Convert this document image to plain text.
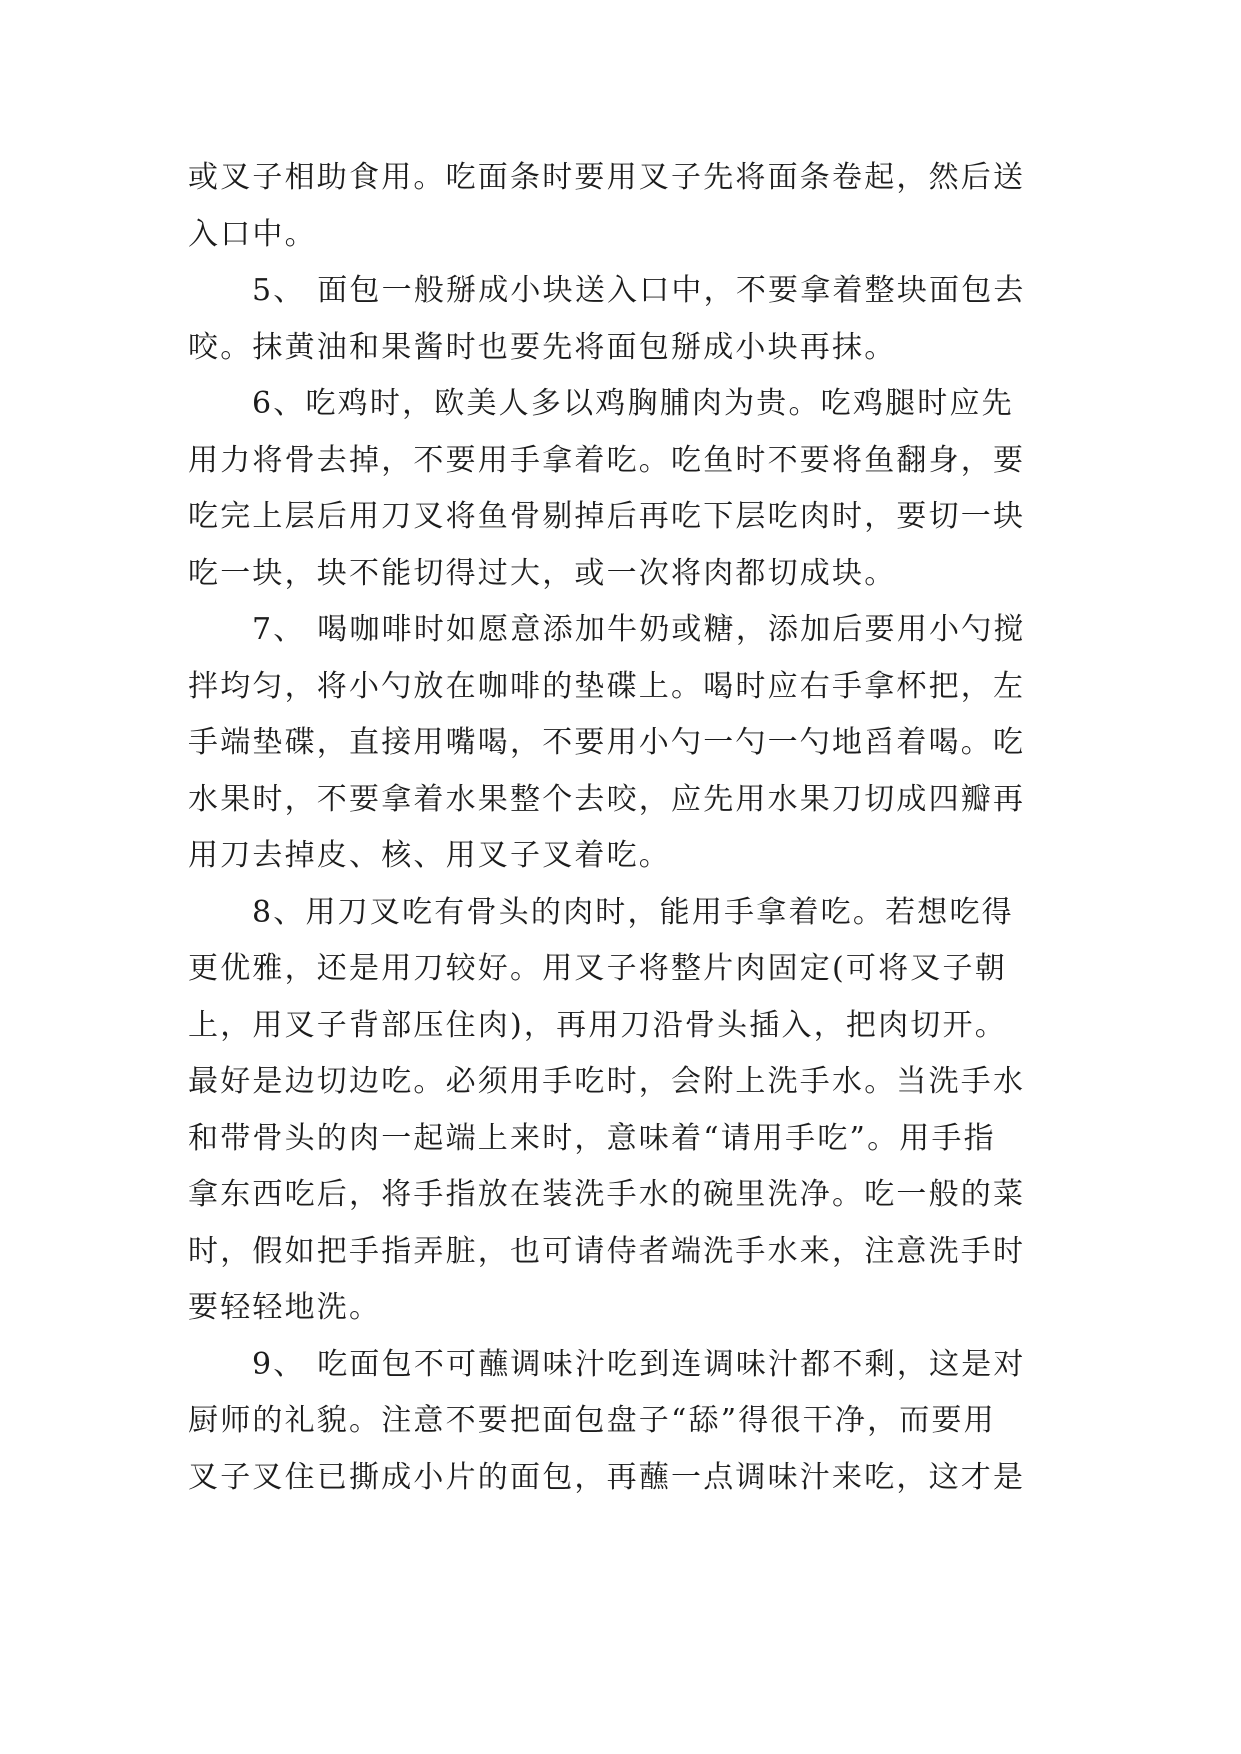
或叉子相助食用。吃面条时要用叉子先将面条卷起，然后送
入口中。
5、 面包一般掰成小块送入口中，不要拿着整块面包去
咬。抹黄油和果酱时也要先将面包掰成小块再抹。
6、吃鸡时，欧美人多以鸡胸脯肉为贵。吃鸡腿时应先
用力将骨去掉，不要用手拿着吃。吃鱼时不要将鱼翻身，要
吃完上层后用刀叉将鱼骨剔掉后再吃下层吃肉时，要切一块
吃一块，块不能切得过大，或一次将肉都切成块。
7、 喝咖啡时如愿意添加牛奶或糖，添加后要用小勺搅
拌均匀，将小勺放在咖啡的垫碟上。喝时应右手拿杯把，左
手端垫碟，直接用嘴喝，不要用小勺一勺一勺地舀着喝。吃
水果时，不要拿着水果整个去咬，应先用水果刀切成四瓣再
用刀去掉皮、核、用叉子叉着吃。
8、用刀叉吃有骨头的肉时，能用手拿着吃。若想吃得
更优雅，还是用刀较好。用叉子将整片肉固定(可将叉子朝
上，用叉子背部压住肉)，再用刀沿骨头插入，把肉切开。
最好是边切边吃。必须用手吃时，会附上洗手水。当洗手水
和带骨头的肉一起端上来时，意味着“请用手吃”。用手指
拿东西吃后，将手指放在装洗手水的碗里洗净。吃一般的菜
时，假如把手指弄脏，也可请侍者端洗手水来，注意洗手时
要轻轻地洗。
9、 吃面包不可蘸调味汁吃到连调味汁都不剩，这是对
厨师的礼貌。注意不要把面包盘子“舔”得很干净，而要用
叉子叉住已撕成小片的面包，再蘸一点调味汁来吃，这才是
